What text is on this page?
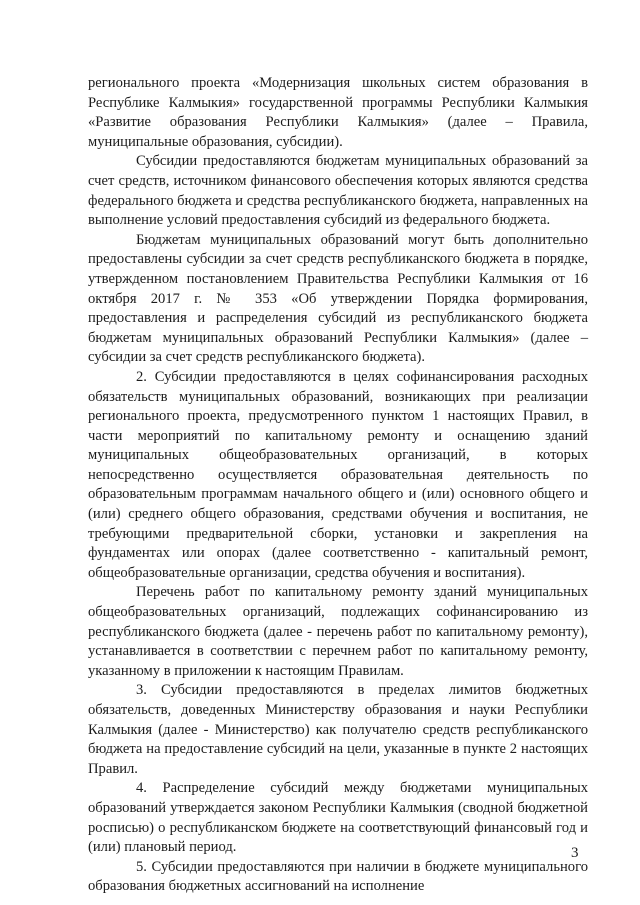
регионального проекта «Модернизация школьных систем образования в Республике Калмыкия» государственной программы Республики Калмыкия «Развитие образования Республики Калмыкия» (далее – Правила, муниципальные образования, субсидии).

Субсидии предоставляются бюджетам муниципальных образований за счет средств, источником финансового обеспечения которых являются средства федерального бюджета и средства республиканского бюджета, направленных на выполнение условий предоставления субсидий из федерального бюджета.

Бюджетам муниципальных образований могут быть дополнительно предоставлены субсидии за счет средств республиканского бюджета в порядке, утвержденном постановлением Правительства Республики Калмыкия от 16 октября 2017 г. № 353 «Об утверждении Порядка формирования, предоставления и распределения субсидий из республиканского бюджета бюджетам муниципальных образований Республики Калмыкия» (далее – субсидии за счет средств республиканского бюджета).

2. Субсидии предоставляются в целях софинансирования расходных обязательств муниципальных образований, возникающих при реализации регионального проекта, предусмотренного пунктом 1 настоящих Правил, в части мероприятий по капитальному ремонту и оснащению зданий муниципальных общеобразовательных организаций, в которых непосредственно осуществляется образовательная деятельность по образовательным программам начального общего и (или) основного общего и (или) среднего общего образования, средствами обучения и воспитания, не требующими предварительной сборки, установки и закрепления на фундаментах или опорах (далее соответственно - капитальный ремонт, общеобразовательные организации, средства обучения и воспитания).

Перечень работ по капитальному ремонту зданий муниципальных общеобразовательных организаций, подлежащих софинансированию из республиканского бюджета (далее - перечень работ по капитальному ремонту), устанавливается в соответствии с перечнем работ по капитальному ремонту, указанному в приложении к настоящим Правилам.

3. Субсидии предоставляются в пределах лимитов бюджетных обязательств, доведенных Министерству образования и науки Республики Калмыкия (далее - Министерство) как получателю средств республиканского бюджета на предоставление субсидий на цели, указанные в пункте 2 настоящих Правил.

4. Распределение субсидий между бюджетами муниципальных образований утверждается законом Республики Калмыкия (сводной бюджетной росписью) о республиканском бюджете на соответствующий финансовый год и (или) плановый период.

5. Субсидии предоставляются при наличии в бюджете муниципального образования бюджетных ассигнований на исполнение

3
